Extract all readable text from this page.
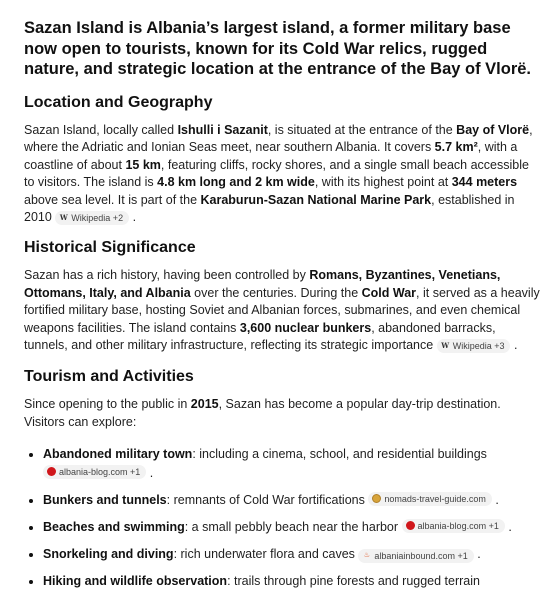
Sazan Island is Albania’s largest island, a former military base now open to tourists, known for its Cold War relics, rugged nature, and strategic location at the entrance of the Bay of Vlorë.
Location and Geography

Sazan Island, locally called Ishulli i Sazanit, is situated at the entrance of the Bay of Vlorë, where the Adriatic and Ionian Seas meet, near southern Albania. It covers 5.7 km², with a coastline of about 15 km, featuring cliffs, rocky shores, and a single small beach accessible to visitors. The island is 4.8 km long and 2 km wide, with its highest point at 344 meters above sea level. It is part of the Karaburun-Sazan National Marine Park, established in 2010 W Wikipedia +2 .

Historical Significance

Sazan has a rich history, having been controlled by Romans, Byzantines, Venetians, Ottomans, Italy, and Albania over the centuries. During the Cold War, it served as a heavily fortified military base, hosting Soviet and Albanian forces, submarines, and even chemical weapons facilities. The island contains 3,600 nuclear bunkers, abandoned barracks, tunnels, and other military infrastructure, reflecting its strategic importance W Wikipedia +3 .

Tourism and Activities

Since opening to the public in 2015, Sazan has become a popular day-trip destination. Visitors can explore:

• Abandoned military town: including a cinema, school, and residential buildings

albania-blog.com +1 .
• Bunkers and tunnels: remnants of Cold War fortifications nomads-travel-guide.com .
• Beaches and swimming: a small pebbly beach near the harbor albania-blog.com +1 .
• Snorkeling and diving: rich underwater flora and caves ♨ albaniainbound.com +1 .
• Hiking and wildlife observation: trails through pine forests and rugged terrain
